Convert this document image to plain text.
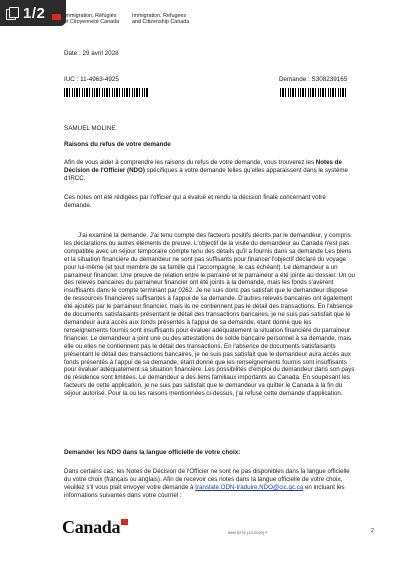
1/2	Immigration, Réfugiés
et Citoyenneté Canada
Immigration, Refugees
and Citizenship Canada
Date : 29 avril 2028
IUC : 11-4963-4925	Demande : S308239165
SAMUEL MOLINE
Raisons du refus de votre demande
Afin de vous aider à comprendre les raisons du refus de votre demande, vous trouverez les Notes de Décision de l'Officier (NDO) spécifiques à votre demande telles qu'elles apparaissent dans le système d'IRCC.
Ces notes ont été rédigées par l'officier qui a évalué et rendu la décision finale concernant votre demande.
J'ai examiné la demande. J'ai tenu compte des facteurs positifs décrits par le demandeur, y compris les déclarations ou autres éléments de preuve. L'objectif de la visite du demandeur au Canada n'est pas compatible avec un séjour temporaire compte tenu des détails qu'il a fournis dans sa demande Les biens et la situation financière du demandeur ne sont pas suffisants pour financer l'objectif déclaré du voyage pour lui-même (et tout membre de sa famille qui l'accompagne, le cas échéant). Le demandeur a un parraineur financier. Une preuve de relation entre le parrainé et le parraineur a été jointe au dossier. Un ou des relevés bancaires du parraineur financier ont été joints à la demande, mais les fonds s'avèrent insuffisants dans le compte terminant par 0262. Je ne suis donc pas satisfait que le demandeur dispose de ressources financières suffisantes à l'appui de sa demande. D'autres relevés bancaires ont également été ajoutés par le parraineur financier, mais ils ne contiennent pas le détail des transactions. En l'absence de documents satisfaisants présentant le détail des transactions bancaires, je ne suis pas satisfait que le demandeur aura accès aux fonds présentés à l'appui de sa demande, étant donné que les renseignements fournis sont insuffisants pour évaluer adéquatement la situation financière du parraineur financier. Le demandeur a joint une ou des attestations de solde bancaire personnel à sa demande, mais elle ou elles ne contiennent pas le détail des transactions. En l'absence de documents satisfaisants présentant le détail des transactions bancaires, je ne suis pas satisfait que le demandeur aura accès aux fonds présentés à l'appui de sa demande, étant donné que les renseignements fournis sont insuffisants pour évaluer adéquatement sa situation financière. Les possibilités d'emploi du demandeur dans son pays de résidence sont limitées. Le demandeur a des liens familiaux importants au Canada. En soupesant les facteurs de cette application, je ne suis pas satisfait que le demandeur va quitter le Canada à la fin du séjour autorisé. Pour la ou les raisons mentionnées ci-dessus, j'ai refusé cette demande d'application.
Demander les NDO dans la langue officielle de votre choix:
Dans certains cas, les Notes de Décision de l'Officier ne sont ne pas disponibles dans la langue officielle du votre choix (français ou anglais). Afin de recevoir ces notes dans la langue officielle de votre choix, veuillez s'il vous plaît envoyer votre demande à translate.ODN-traduire.NDO@cic.gc.ca en incluant les informations suivantes dans votre courriel :
Canada	IMM 5276 (10-2020) F	2
